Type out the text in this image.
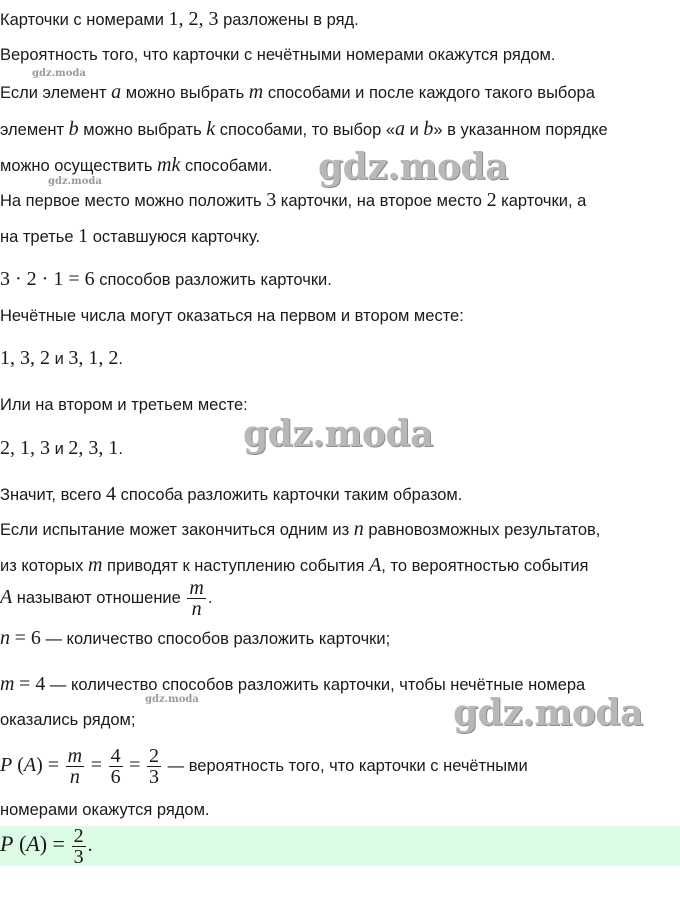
Карточки с номерами 1, 2, 3 разложены в ряд.
Вероятность того, что карточки с нечётными номерами окажутся рядом.
Если элемент a можно выбрать m способами и после каждого такого выбора
элемент b можно выбрать k способами, то выбор «a и b» в указанном порядке
можно осуществить mk способами.
На первое место можно положить 3 карточки, на второе место 2 карточки, а
на третье 1 оставшуюся карточку.
3 · 2 · 1 = 6 способов разложить карточки.
Нечётные числа могут оказаться на первом и втором месте:
1, 3, 2 и 3, 1, 2.
Или на втором и третьем месте:
2, 1, 3 и 2, 3, 1.
Значит, всего 4 способа разложить карточки таким образом.
Если испытание может закончиться одним из n равновозможных результатов,
из которых m приводят к наступлению события A, то вероятностью события
A называют отношение $\frac{m}{n}$ .
n = 6 — количество способов разложить карточки;
m = 4 — количество способов разложить карточки, чтобы нечётные номера
оказались рядом;
P $(A) = \frac{m}{n} = \frac{4}{6} = \frac{2}{3}$ — вероятность того, что карточки с нечётными
номерами окажутся рядом.
P $(A) = \frac{2}{3}$ .
gdz.moda
gdz.moda
gdz.moda
gdz.moda
gdz.moda
gdz.moda
